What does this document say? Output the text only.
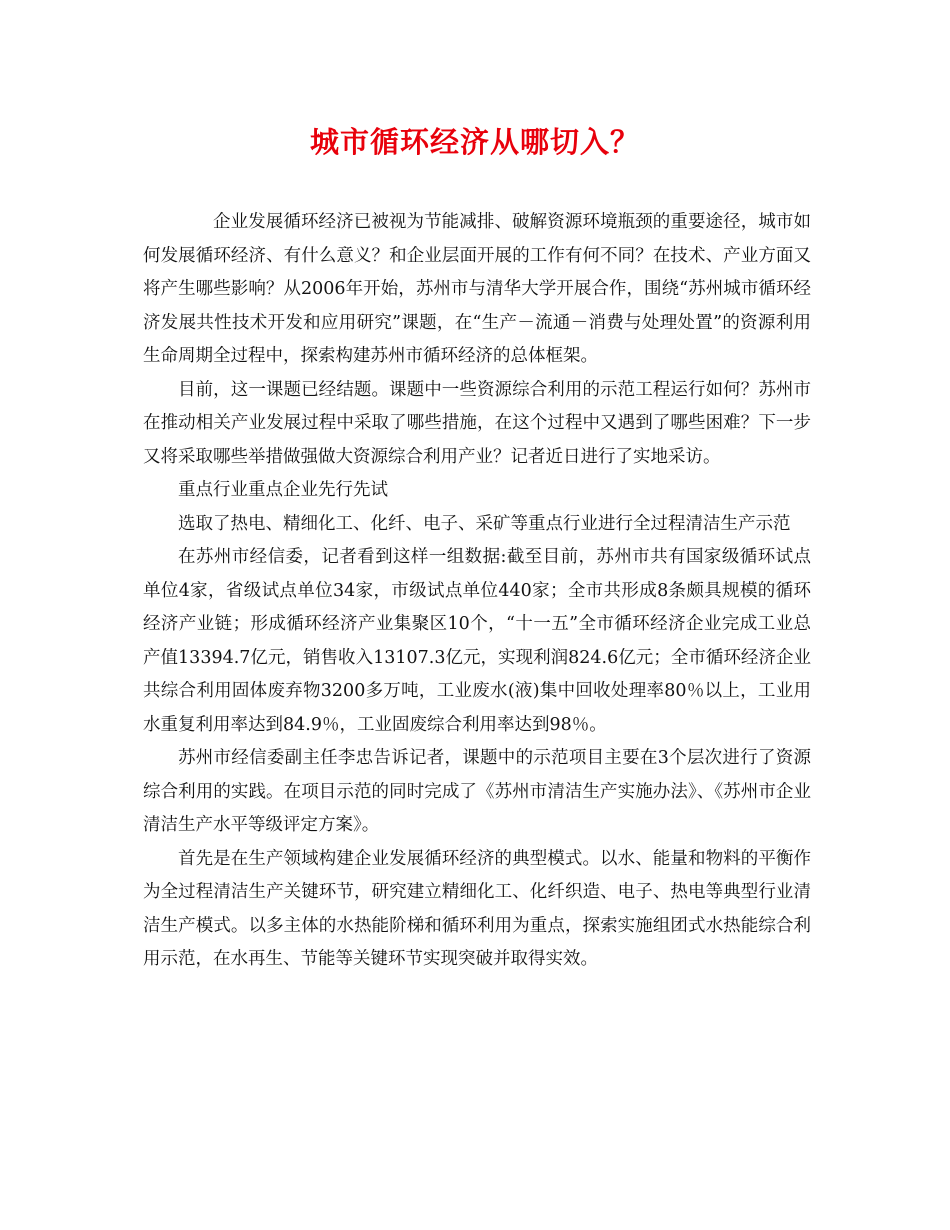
城市循环经济从哪切入？

企业发展循环经济已被视为节能减排、破解资源环境瓶颈的重要途径，城市如何发展循环经济、有什么意义？和企业层面开展的工作有何不同？在技术、产业方面又将产生哪些影响？从2006年开始，苏州市与清华大学开展合作，围绕“苏州城市循环经济发展共性技术开发和应用研究”课题，在“生产－流通－消费与处理处置”的资源利用生命周期全过程中，探索构建苏州市循环经济的总体框架。

目前，这一课题已经结题。课题中一些资源综合利用的示范工程运行如何？苏州市在推动相关产业发展过程中采取了哪些措施，在这个过程中又遇到了哪些困难？下一步又将采取哪些举措做强做大资源综合利用产业？记者近日进行了实地采访。

重点行业重点企业先行先试

选取了热电、精细化工、化纤、电子、采矿等重点行业进行全过程清洁生产示范

在苏州市经信委，记者看到这样一组数据:截至目前，苏州市共有国家级循环试点单位4家，省级试点单位34家，市级试点单位440家；全市共形成8条颇具规模的循环经济产业链；形成循环经济产业集聚区10个，“十一五”全市循环经济企业完成工业总产值13394.7亿元，销售收入13107.3亿元，实现利润824.6亿元；全市循环经济企业共综合利用固体废弃物3200多万吨，工业废水(液)集中回收处理率80％以上，工业用水重复利用率达到84.9％，工业固废综合利用率达到98％。

苏州市经信委副主任李忠告诉记者，课题中的示范项目主要在3个层次进行了资源综合利用的实践。在项目示范的同时完成了《苏州市清洁生产实施办法》、《苏州市企业清洁生产水平等级评定方案》。

首先是在生产领域构建企业发展循环经济的典型模式。以水、能量和物料的平衡作为全过程清洁生产关键环节，研究建立精细化工、化纤织造、电子、热电等典型行业清洁生产模式。以多主体的水热能阶梯和循环利用为重点，探索实施组团式水热能综合利用示范，在水再生、节能等关键环节实现突破并取得实效。
